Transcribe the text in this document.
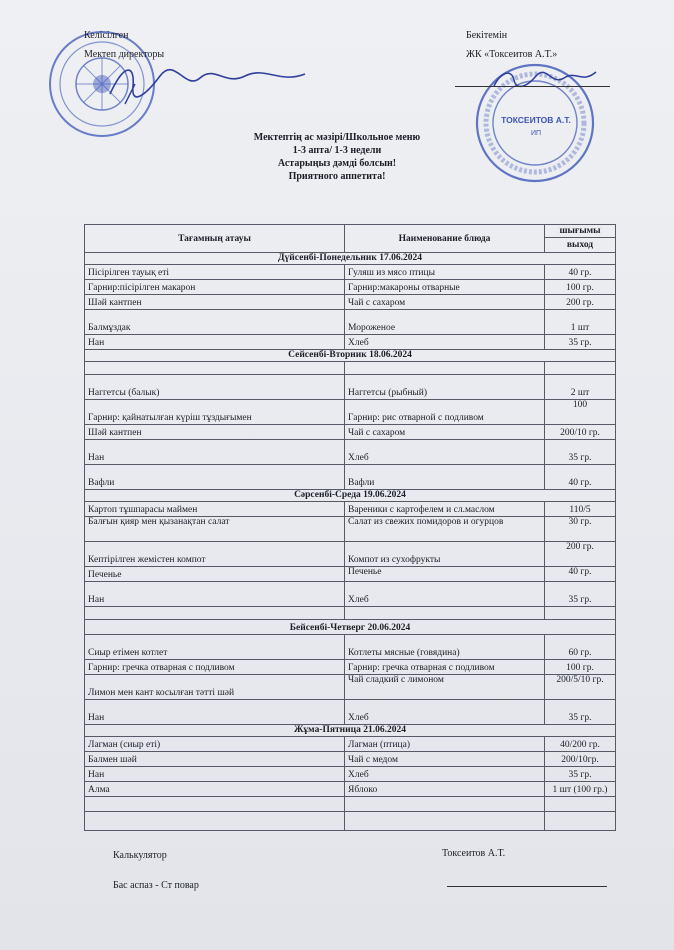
ТОКСЕИТОВ А.Т.
ИП
Келісілген
Мектеп директоры
Бекітемін
ЖК «Токсеитов А.Т.»
Мектептің ас мәзірі/Школьное меню
1-3 апта/ 1-3 недели
Астарыңыз дәмді болсын!
Приятного аппетита!
Тағамның атауы	Наименование блюда	шығымы
		выход
Дүйсенбі-Понедельник 17.06.2024		
Пісірілген тауық еті	Гуляш из мясо птицы	40 гр.
Гарнир:пісірілген макарон	Гарнир:макароны отварные	100 гр.
Шәй кантпен	Чай с сахаром	200 гр.
Балмұздак	Мороженое	1 шт
Нан	Хлеб	35 гр.
Сейсенбі-Вторник 18.06.2024		

Наггетсы (балык)	Наггетсы (рыбный)	2 шт
Гарнир: қайнатылған күріш тұздығымен	Гарнир: рис отварной с подливом	100
Шәй кантпен	Чай с сахаром	200/10 гр.
Нан	Хлеб	35 гр.
Вафли	Вафли	40 гр.
Сәрсенбі-Среда 19.06.2024		
Картоп тұшпарасы маймен	Вареники с картофелем и сл.маслом	110/5
Балғын қияр мен қызанақтан салат	Салат из свежих помидоров и огурцов	30 гр.
Кептірілген жемістен компот	Компот из сухофрукты	200 гр.
Печенье	Печенье	40 гр.
Нан	Хлеб	35 гр.

Бейсенбі-Четверг 20.06.2024		
Сиыр етімен котлет	Котлеты мясные (говядина)	60 гр.
Гарнир: гречка отварная с подливом	Гарнир: гречка отварная с подливом	100 гр.
Лимон мен кант косылған тәтті шәй	Чай сладкий с лимоном	200/5/10 гр.
Нан	Хлеб	35 гр.
Жұма-Пятница 21.06.2024		
Лагман (сиыр еті)	Лагман (птица)	40/200 гр.
Балмен шәй	Чай с медом	200/10гр.
Нан	Хлеб	35 гр.
Алма	Яблоко	1 шт (100 гр.)

Калькулятор
Бас аспаз - Ст повар
Токсеитов А.Т.
